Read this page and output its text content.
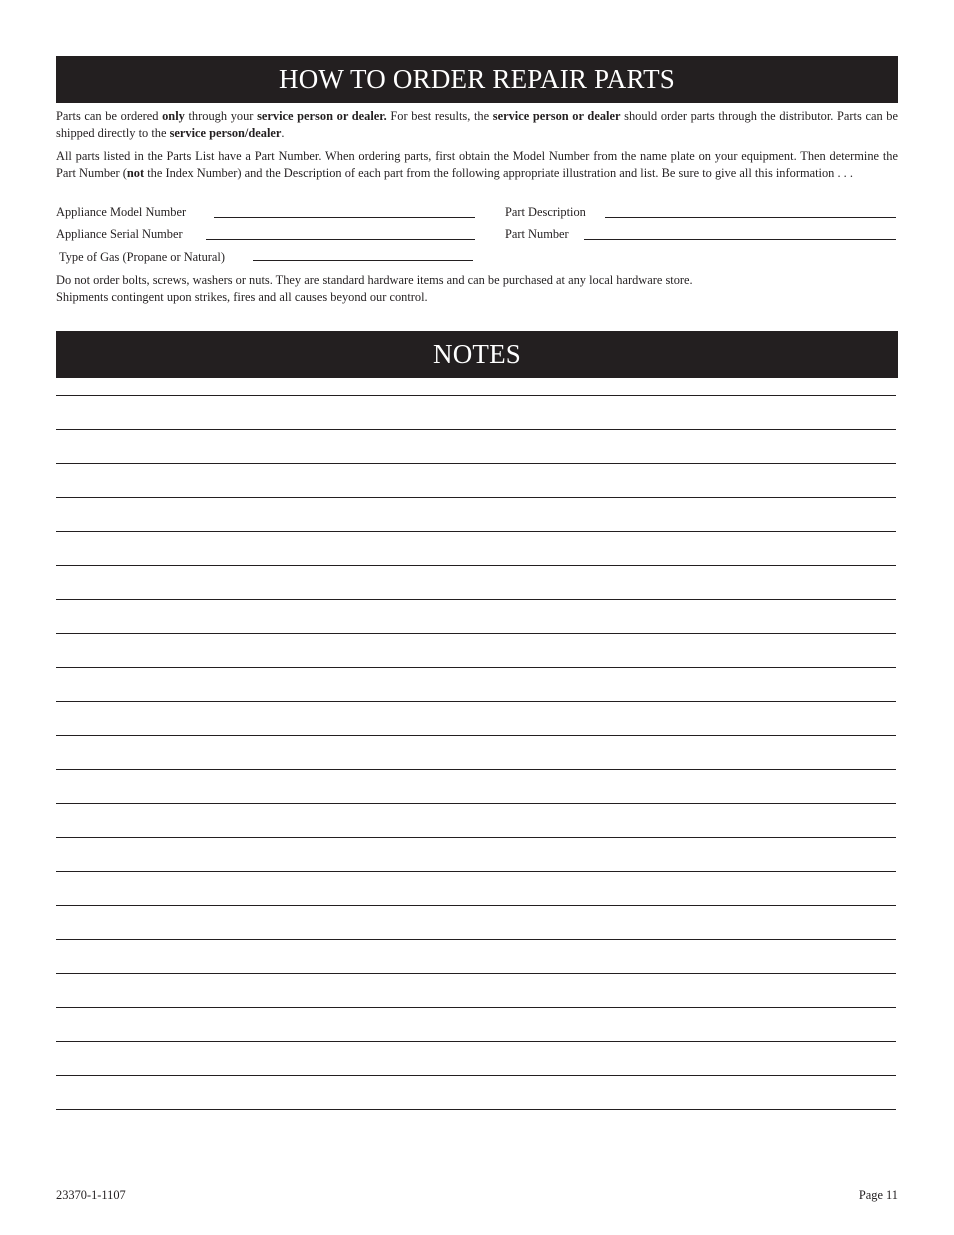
HOW TO ORDER REPAIR PARTS

Parts can be ordered only through your service person or dealer. For best results, the service person or dealer should order parts through the distributor. Parts can be shipped directly to the service person/dealer.

All parts listed in the Parts List have a Part Number. When ordering parts, first obtain the Model Number from the name plate on your equipment. Then determine the Part Number (not the Index Number) and the Description of each part from the following appropriate illustration and list. Be sure to give all this information . . .

Appliance Model Number	Part Description
Appliance Serial Number	Part Number
Type of Gas (Propane or Natural)

Do not order bolts, screws, washers or nuts. They are standard hardware items and can be purchased at any local hardware store.

Shipments contingent upon strikes, fires and all causes beyond our control.

NOTES
23370-1-1107	Page 11
